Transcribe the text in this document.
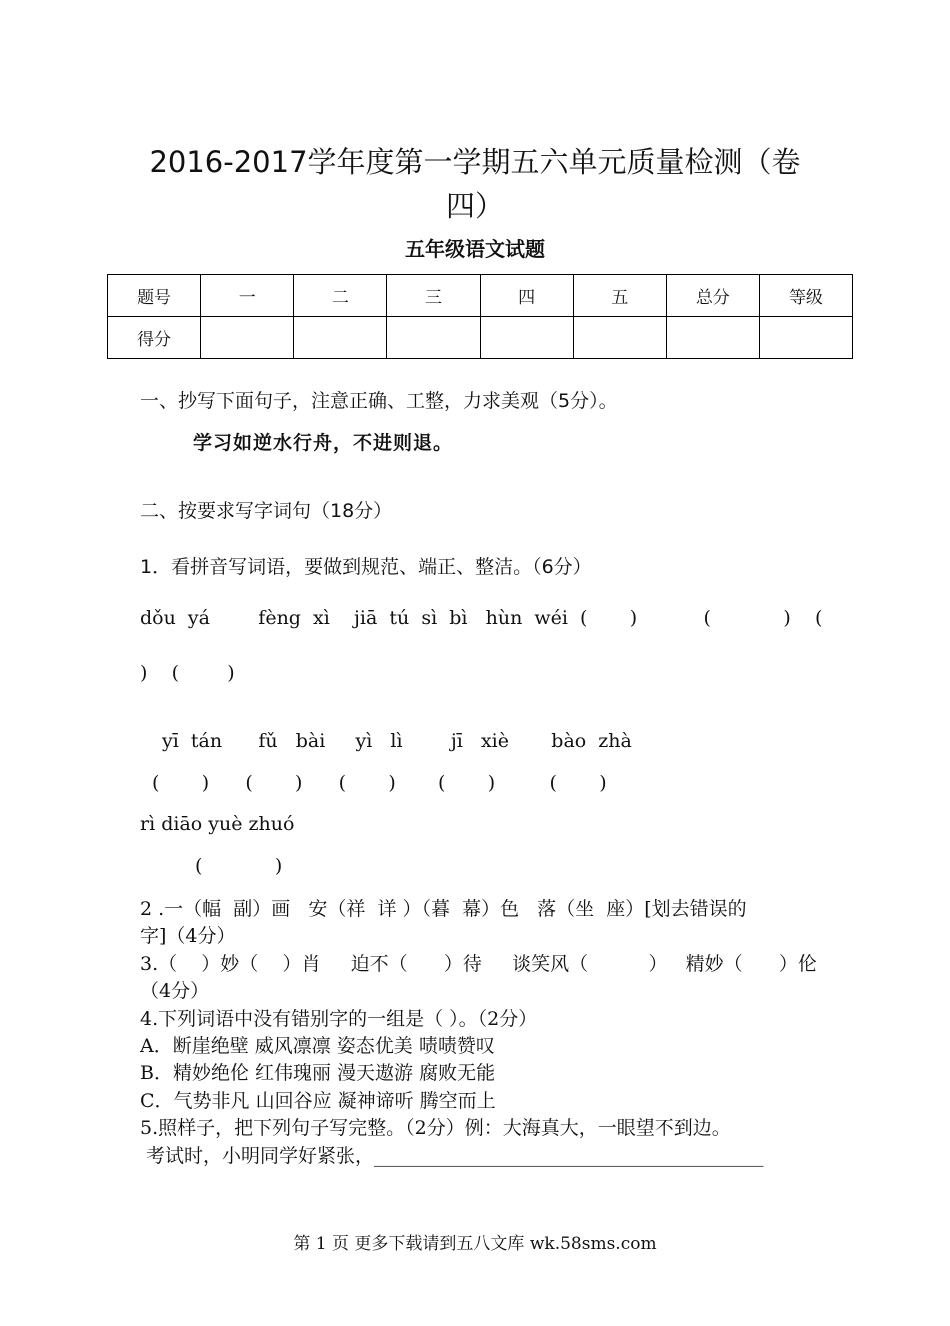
2016-2017学年度第一学期五六单元质量检测（卷
四）
五年级语文试题
题号	一	二	三	四	五	总分	等级
得分							
一、抄写下面句子，注意正确、工整，力求美观（5分）。
学习如逆水行舟，不进则退。
二、按要求写字词句（18分）
1．看拼音写词语，要做到规范、端正、整洁。（6分）
dǒu  yá        fèng  xì    jiā  tú  sì  bì   hùn  wéi (       )           (            )    (
)    (        )
yī  tán      fǔ   bài     yì   lì        jī   xiè       bào  zhà
(       )      (       )      (       )       (       )         (       )
rì diāo yuè zhuó
(            )
2 .一（幅  副）画   安（祥  详 ）（暮  幕）色   落（坐  座）[划去错误的
字]（4分）
3.（    ）妙（    ）肖     迫不（      ）待     谈笑风（          ）   精妙（      ）伦
（4分）
4.下列词语中没有错别字的一组是（ ）。（2分）
A．断崖绝壁 威风凛凛 姿态优美 啧啧赞叹
B．精妙绝伦 红伟瑰丽 漫天遨游 腐败无能
C．气势非凡 山回谷应 凝神谛听 腾空而上
5.照样子，把下列句子写完整。（2分）例：大海真大，一眼望不到边。
考试时，小明同学好紧张，_________________________________________
第 1 页 更多下载请到五八文库 wk.58sms.com
